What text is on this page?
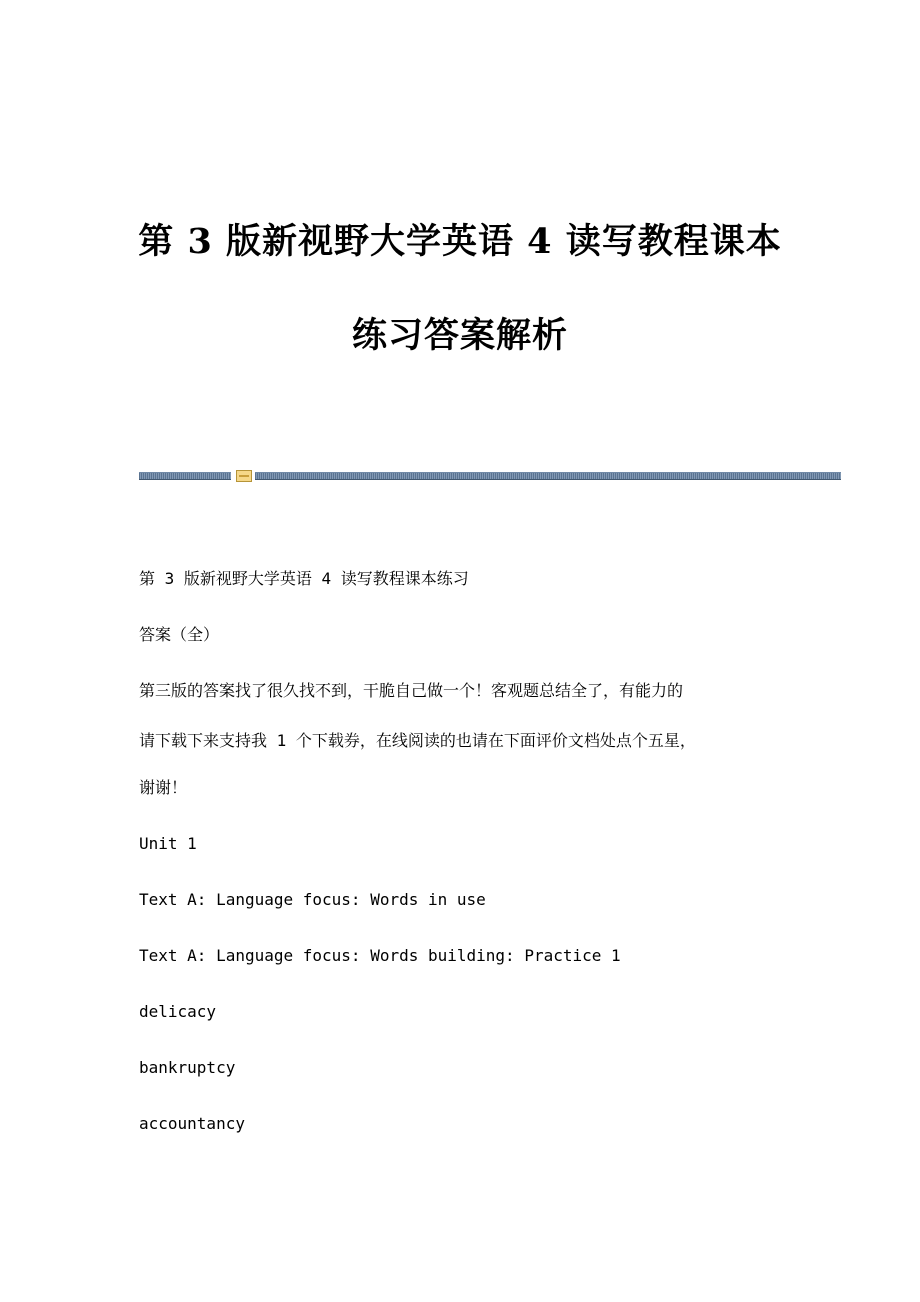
第 3 版新视野大学英语 4 读写教程课本
练习答案解析
第 3 版新视野大学英语 4 读写教程课本练习
答案（全）
第三版的答案找了很久找不到，干脆自己做一个！客观题总结全了，有能力的
请下载下来支持我 1 个下载券，在线阅读的也请在下面评价文档处点个五星，
谢谢！
Unit 1
Text A: Language focus: Words in use
Text A: Language focus: Words building: Practice 1
delicacy
bankruptcy
accountancy
